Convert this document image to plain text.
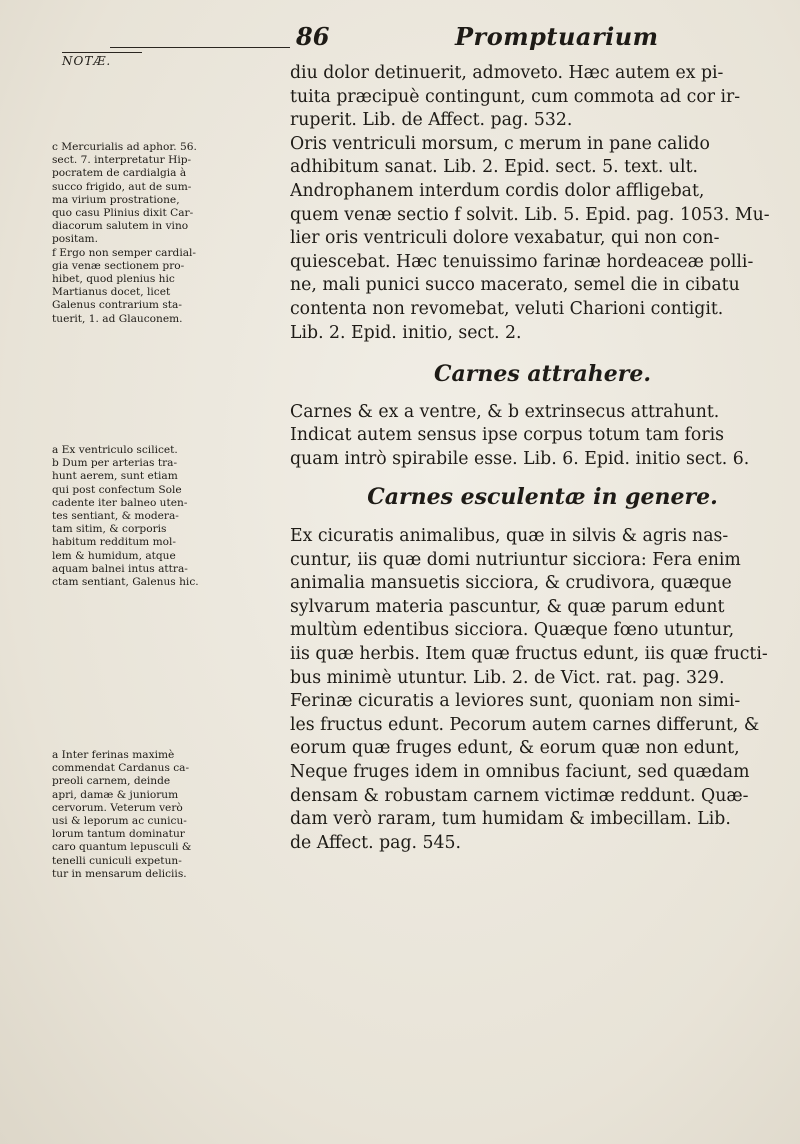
NOTÆ.
86	Promptuarium

diu dolor detinuerit, admoveto. Hæc autem ex pi-
tuita præcipuè contingunt, cum commota ad cor ir-
ruperit. Lib. de Affect. pag. 532.

Oris ventriculi morsum, c merum in pane calido
adhibitum sanat. Lib. 2. Epid. sect. 5. text. ult.
Androphanem interdum cordis dolor affligebat,
quem venæ sectio f solvit. Lib. 5. Epid. pag. 1053. Mu-
lier oris ventriculi dolore vexabatur, qui non con-
quiescebat. Hæc tenuissimo farinæ hordeaceæ polli-
ne, mali punici succo macerato, semel die in cibatu
contenta non revomebat, veluti Charioni contigit.
Lib. 2. Epid. initio, sect. 2.

Carnes attrahere.

Carnes & ex a ventre, & b extrinsecus attrahunt.
Indicat autem sensus ipse corpus totum tam foris
quam intrò spirabile esse. Lib. 6. Epid. initio sect. 6.

Carnes esculentæ in genere.

Ex cicuratis animalibus, quæ in silvis & agris nas-
cuntur, iis quæ domi nutriuntur sicciora: Fera enim
animalia mansuetis sicciora, & crudivora, quæque
sylvarum materia pascuntur, & quæ parum edunt
multùm edentibus sicciora. Quæque fœno utuntur,
iis quæ herbis. Item quæ fructus edunt, iis quæ fructi-
bus minimè utuntur. Lib. 2. de Vict. rat. pag. 329.

Ferinæ cicuratis a leviores sunt, quoniam non simi-
les fructus edunt. Pecorum autem carnes differunt, &
eorum quæ fruges edunt, & eorum quæ non edunt,
Neque fruges idem in omnibus faciunt, sed quædam
densam & robustam carnem victimæ reddunt. Quæ-
dam verò raram, tum humidam & imbecillam. Lib.
de Affect. pag. 545.

c Mercurialis ad aphor. 56.
sect. 7. interpretatur Hip-
pocratem de cardialgia à
succo frigido, aut de sum-
ma virium prostratione,
quo casu Plinius dixit Car-
diacorum salutem in vino
positam.
f Ergo non semper cardial-
gia venæ sectionem pro-
hibet, quod plenius hic
Martianus docet, licet
Galenus contrarium sta-
tuerit, 1. ad Glauconem.
a Ex ventriculo scilicet.
b Dum per arterias tra-
hunt aerem, sunt etiam
qui post confectum Sole
cadente iter balneo uten-
tes sentiant, & modera-
tam sitim, & corporis
habitum redditum mol-
lem & humidum, atque
aquam balnei intus attra-
ctam sentiant, Galenus hic.
a Inter ferinas maximè
commendat Cardanus ca-
preoli carnem, deinde
apri, damæ & juniorum
cervorum. Veterum verò
usi & leporum ac cunicu-
lorum tantum dominatur
caro quantum lepusculi &
tenelli cuniculi expetun-
tur in mensarum deliciis.
